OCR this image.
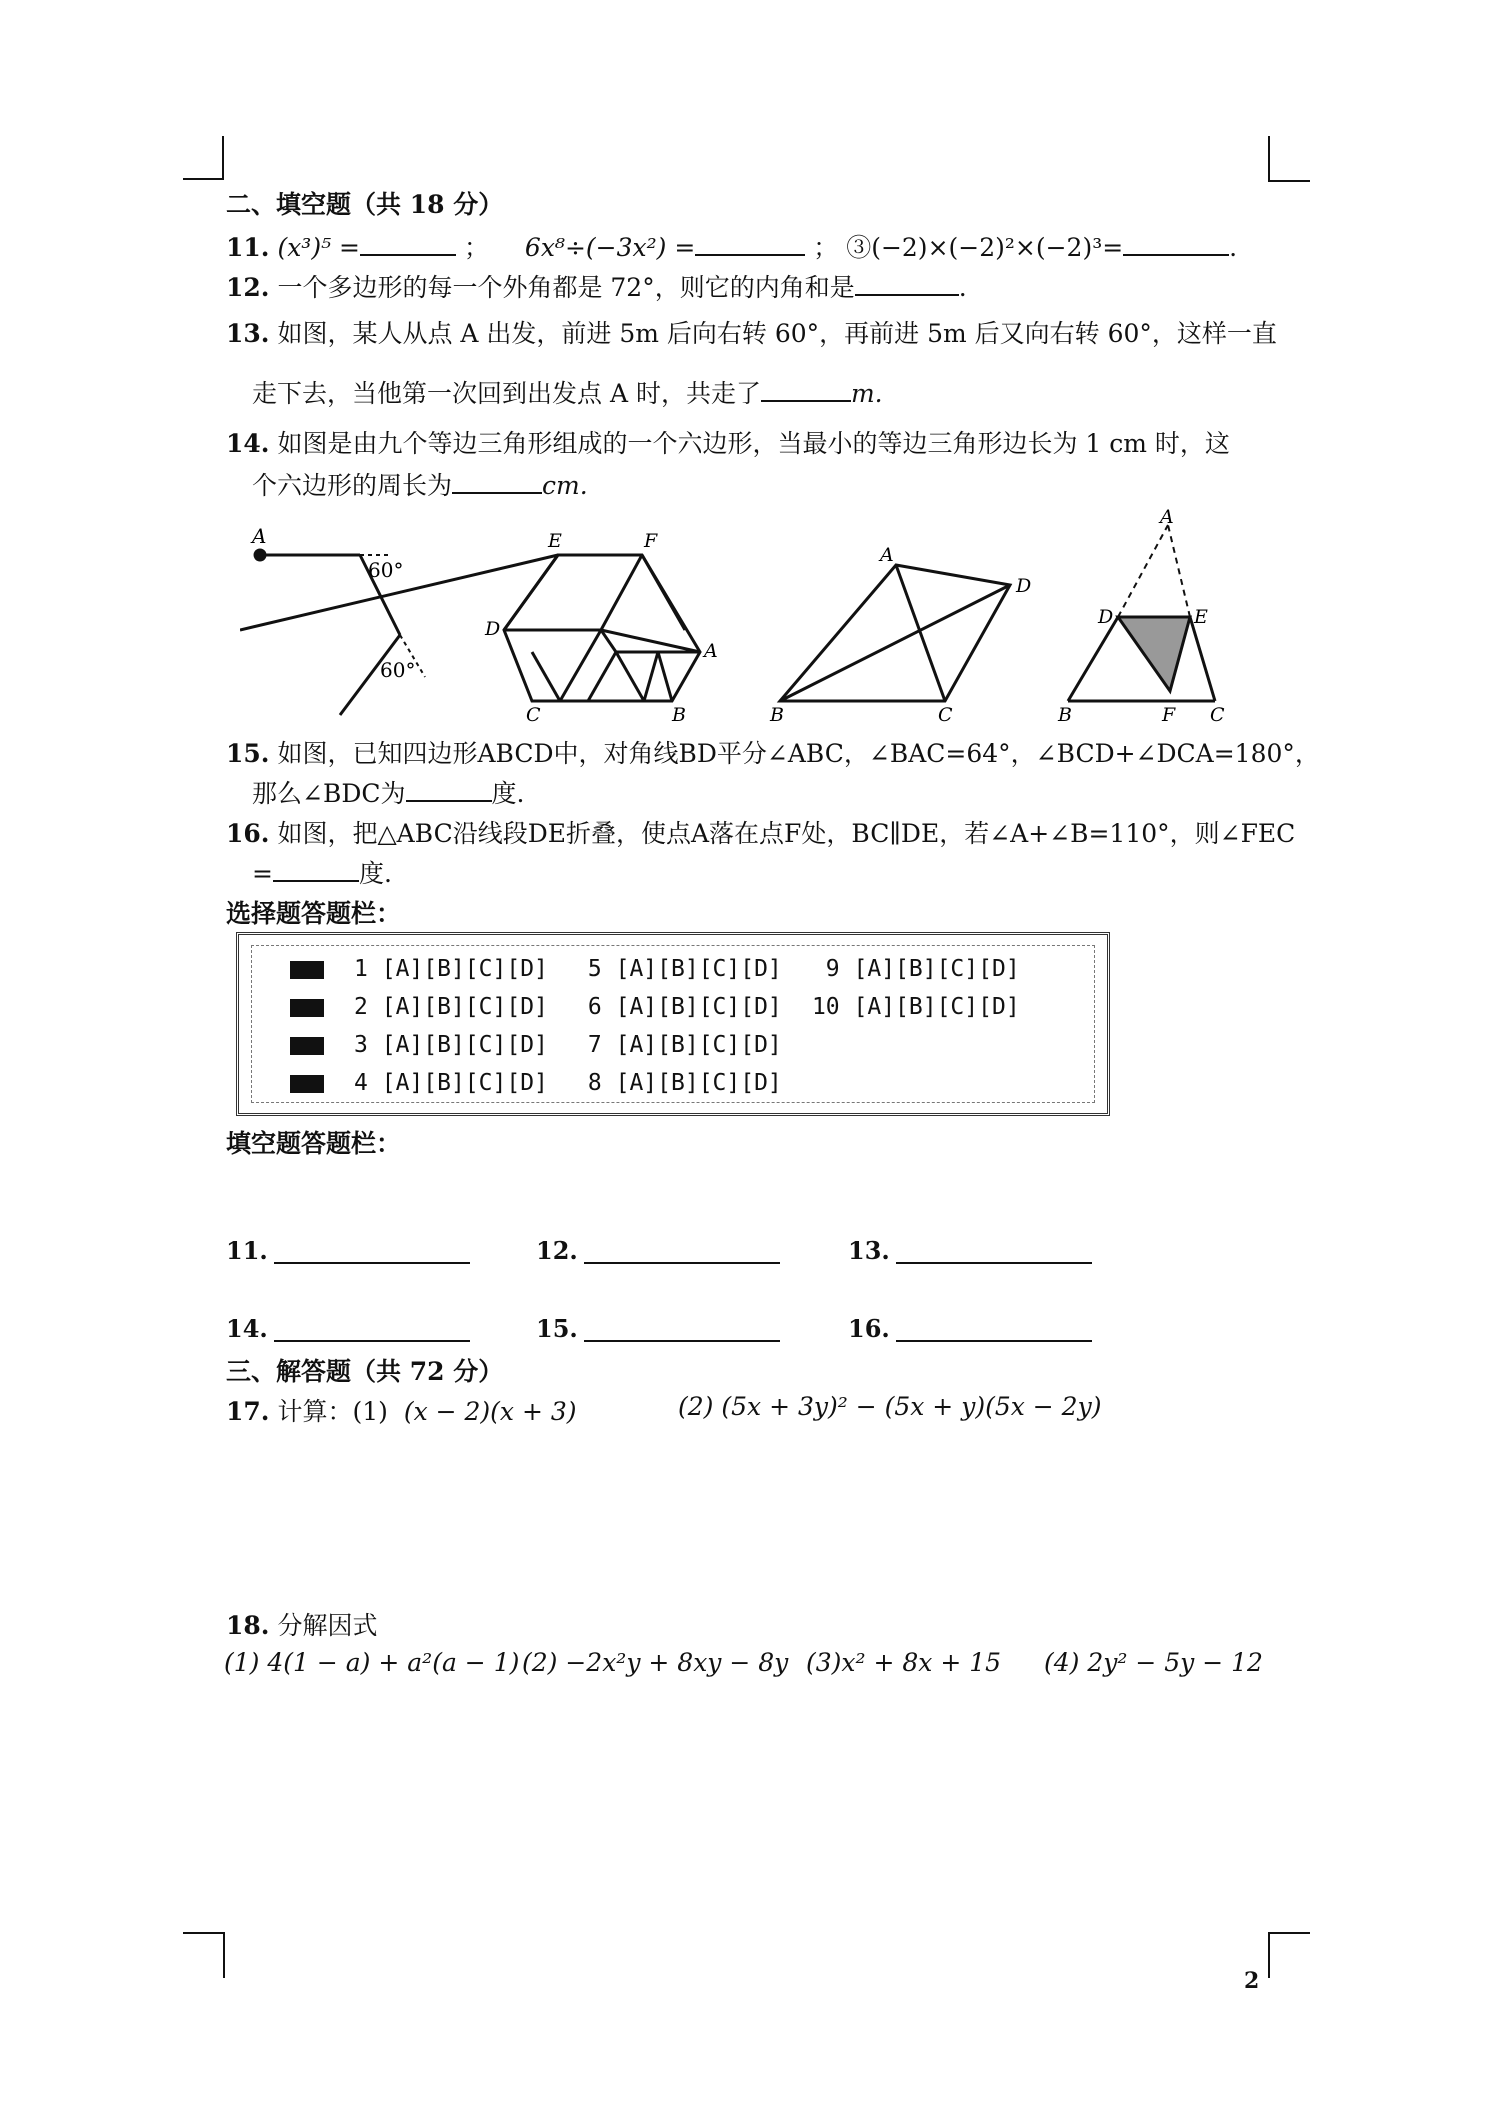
二、填空题（共 18 分）
11. (x³)⁵ =	； 6x⁸÷(−3x²) =	； ③(−2)×(−2)²×(−2)³=	.
12. 一个多边形的每一个外角都是 72°，则它的内角和是	.
13. 如图，某人从点 A 出发，前进 5m 后向右转 60°，再前进 5m 后又向右转 60°，这样一直
走下去，当他第一次回到出发点 A 时，共走了	m.
14. 如图是由九个等边三角形组成的一个六边形，当最小的等边三角形边长为 1 cm 时，这
个六边形的周长为	cm.
A
60°
60°
E	F
D
A
C	B
A
D
B	C
A
D	E
B	F C
15. 如图，已知四边形ABCD中，对角线BD平分∠ABC，∠BAC=64°，∠BCD+∠DCA=180°，
那么∠BDC为	度.
16. 如图，把△ABC沿线段DE折叠，使点A落在点F处，BC∥DE，若∠A+∠B=110°，则∠FEC
=	度.
选择题答题栏：
1 [A][B][C][D] 5 [A][B][C][D] 9 [A][B][C][D]
2 [A][B][C][D] 6 [A][B][C][D] 10 [A][B][C][D]
3 [A][B][C][D] 7 [A][B][C][D]
4 [A][B][C][D] 8 [A][B][C][D]
填空题答题栏：
11.	12.	13.
14.	15.	16.
三、解答题（共 72 分）
17. 计算：(1) (x − 2)(x + 3)	(2) (5x + 3y)² − (5x + y)(5x − 2y)
18. 分解因式
(1) 4(1 − a) + a²(a − 1) (2) −2x²y + 8xy − 8y (3)x² + 8x + 15 (4) 2y² − 5y − 12
2
